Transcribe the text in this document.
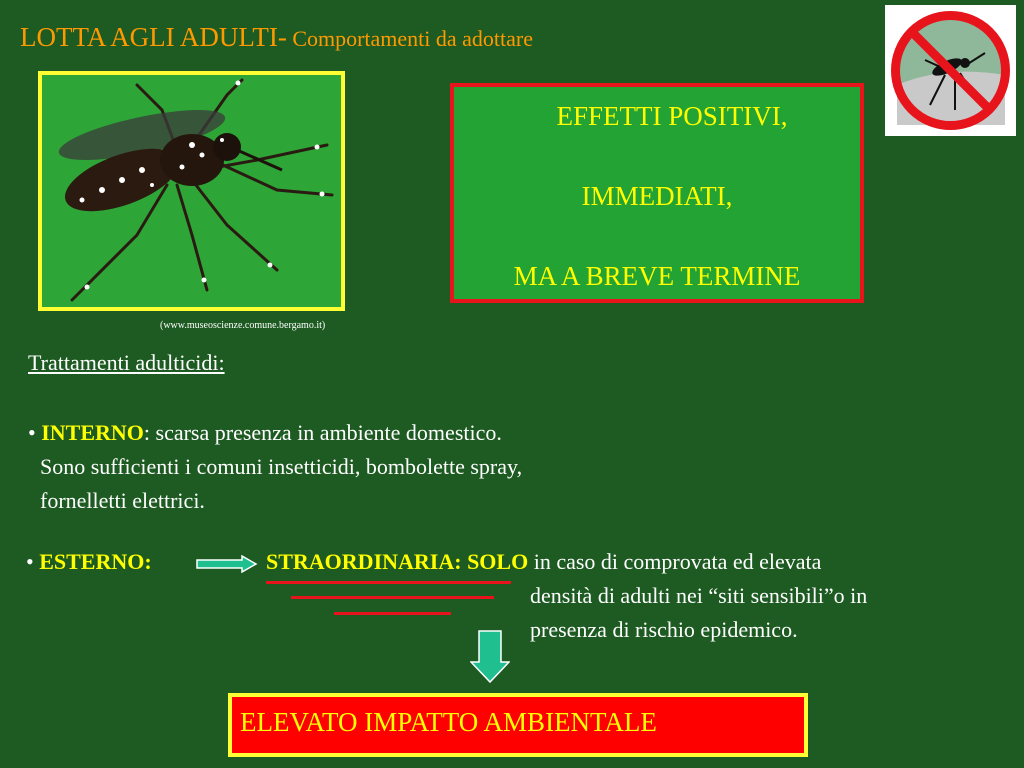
LOTTA AGLI ADULTI- Comportamenti da adottare
(www.museoscienze.comune.bergamo.it)
EFFETTI POSITIVI,
IMMEDIATI,
MA A BREVE TERMINE
Trattamenti adulticidi:
• INTERNO: scarsa presenza in ambiente domestico.
Sono sufficienti i comuni insetticidi, bombolette spray,
fornelletti elettrici.
• ESTERNO:	STRAORDINARIA: SOLO in caso di comprovata ed elevata
densità di adulti nei “siti sensibili”o in
presenza di rischio epidemico.
ELEVATO IMPATTO AMBIENTALE
